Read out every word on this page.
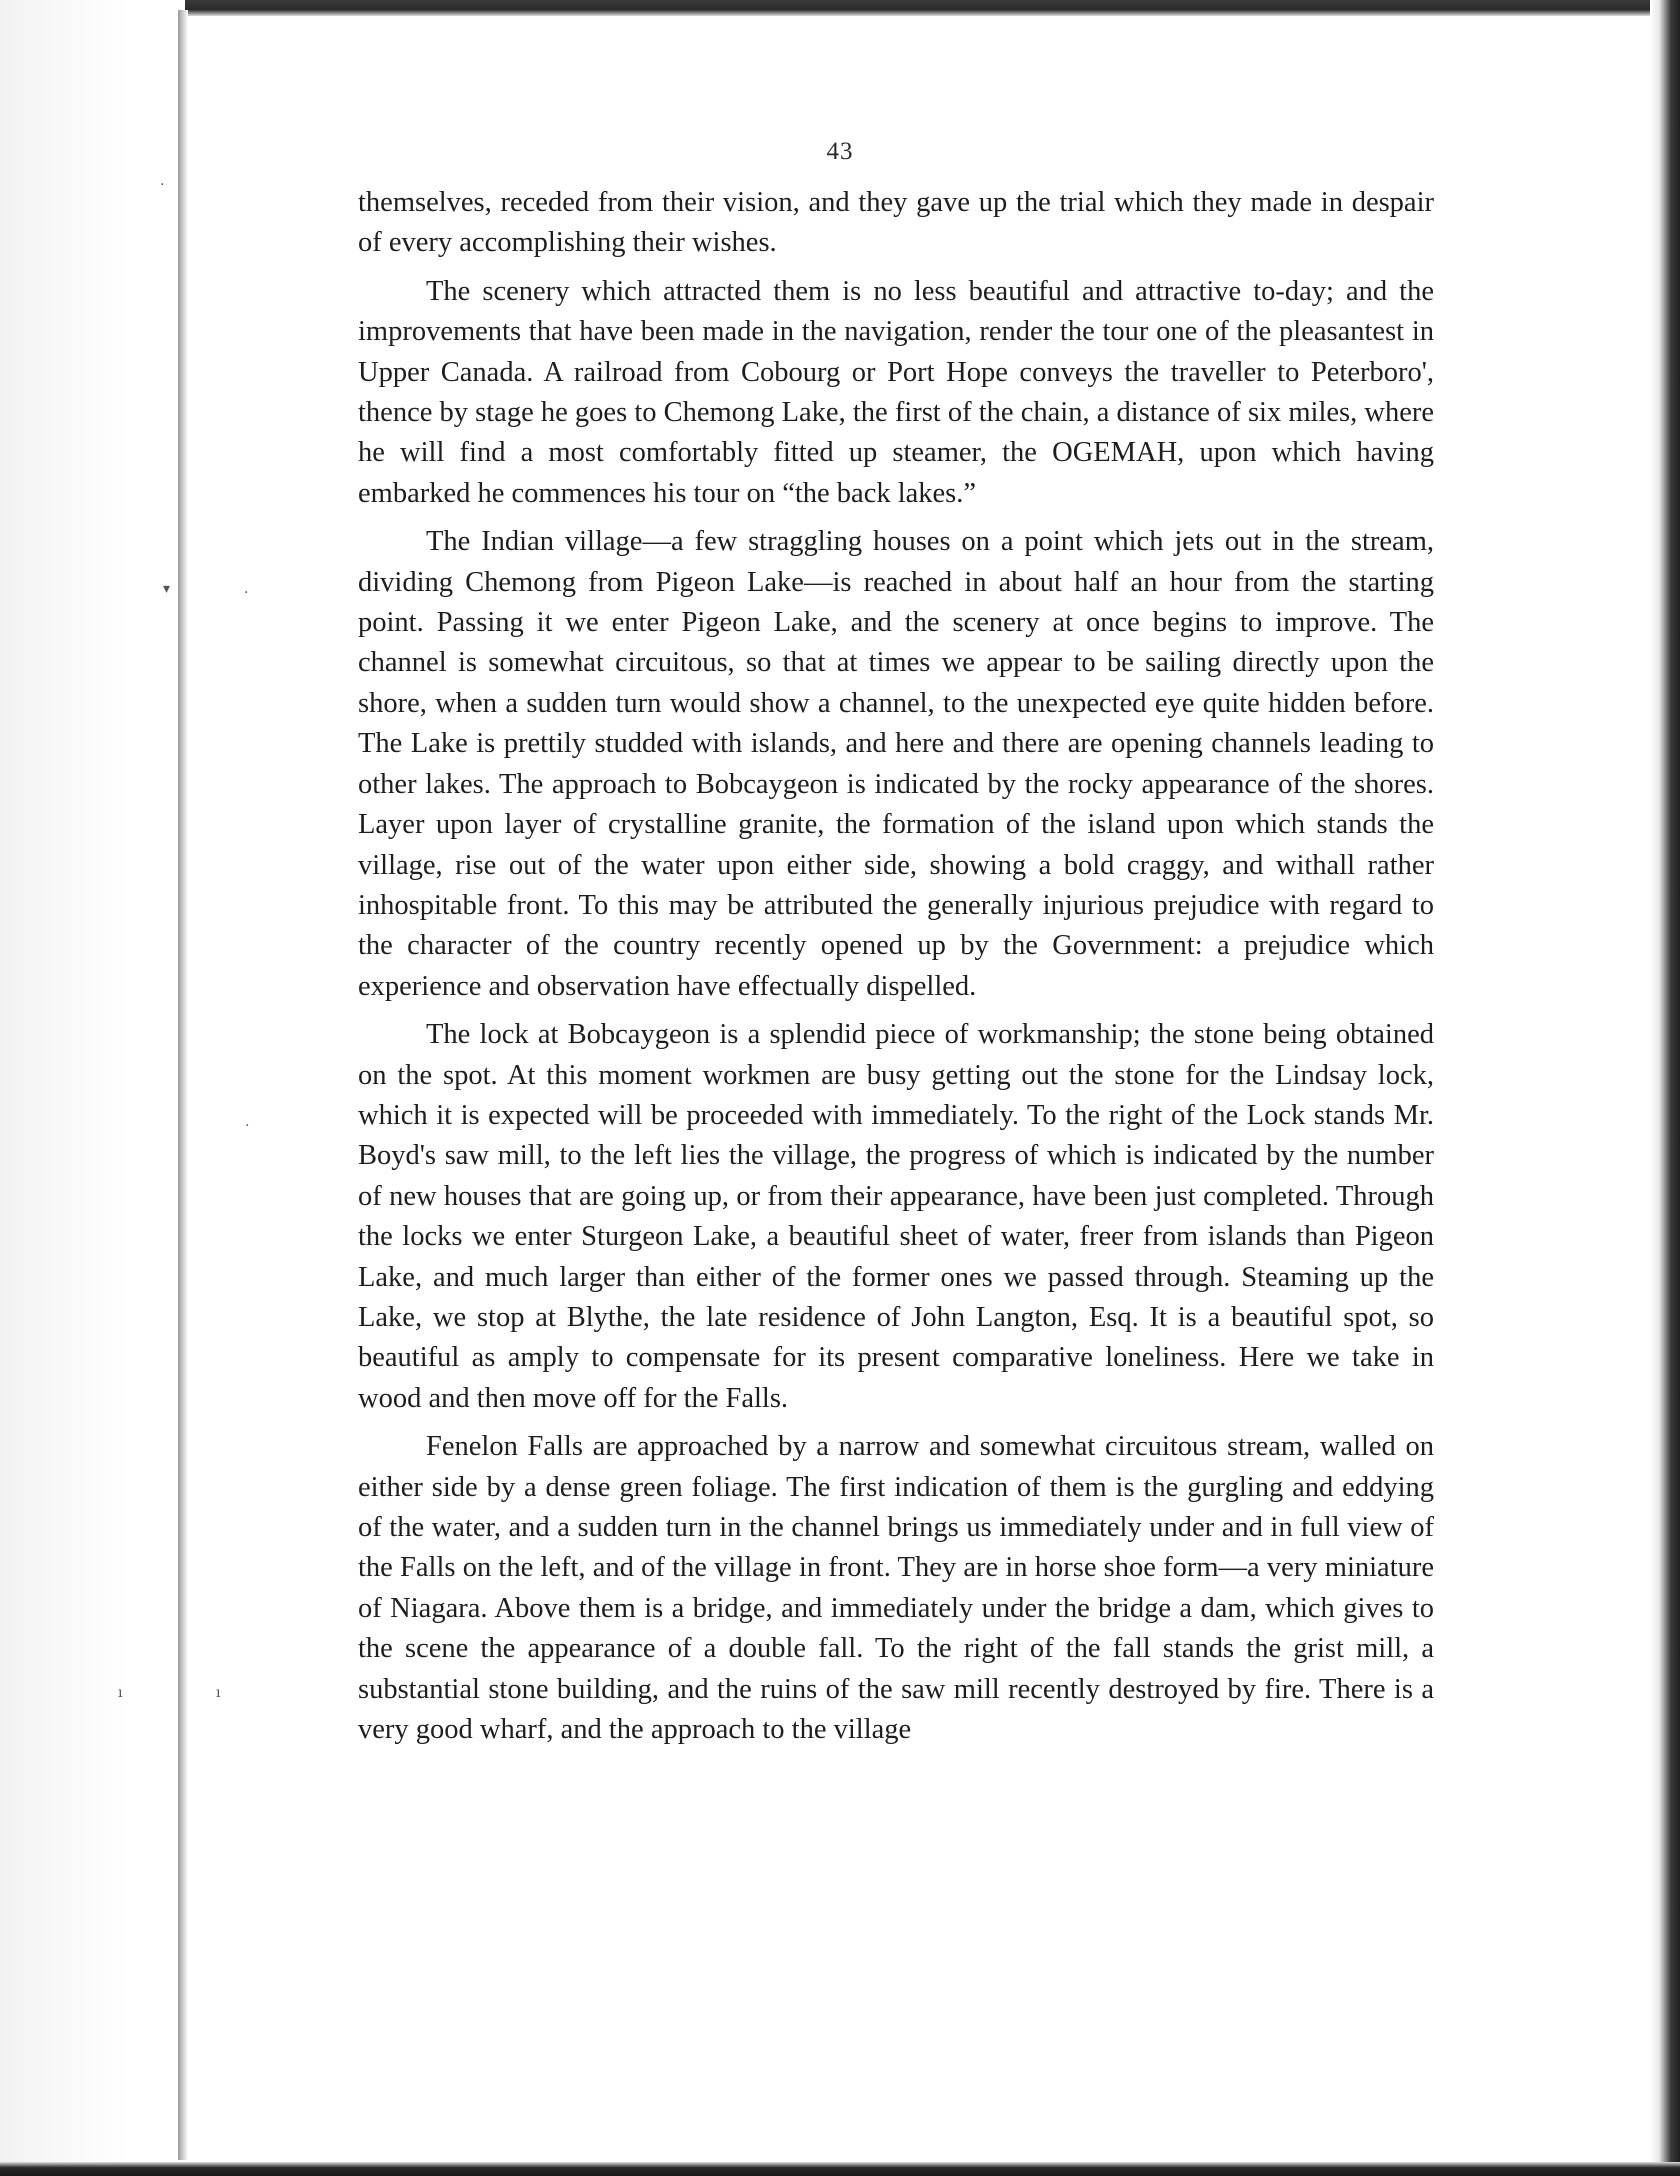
·
▾	·
·
ı	ı
43

themselves, receded from their vision, and they gave up the trial which they made in despair of every accomplishing their wishes.

The scenery which attracted them is no less beautiful and attractive to-day; and the improvements that have been made in the navigation, render the tour one of the pleasantest in Upper Canada. A railroad from Cobourg or Port Hope conveys the traveller to Peterboro', thence by stage he goes to Chemong Lake, the first of the chain, a distance of six miles, where he will find a most comfortably fitted up steamer, the OGEMAH, upon which having embarked he commences his tour on “the back lakes.”

The Indian village—a few straggling houses on a point which jets out in the stream, dividing Chemong from Pigeon Lake—is reached in about half an hour from the starting point. Passing it we enter Pigeon Lake, and the scenery at once begins to improve. The channel is somewhat circuitous, so that at times we appear to be sailing directly upon the shore, when a sudden turn would show a channel, to the unexpected eye quite hidden before. The Lake is prettily studded with islands, and here and there are opening channels leading to other lakes. The approach to Bobcaygeon is indicated by the rocky appearance of the shores. Layer upon layer of crystalline granite, the formation of the island upon which stands the village, rise out of the water upon either side, showing a bold craggy, and withall rather inhospitable front. To this may be attributed the generally injurious prejudice with regard to the character of the country recently opened up by the Government: a prejudice which experience and observation have effectually dispelled.

The lock at Bobcaygeon is a splendid piece of workmanship; the stone being obtained on the spot. At this moment workmen are busy getting out the stone for the Lindsay lock, which it is expected will be proceeded with immediately. To the right of the Lock stands Mr. Boyd's saw mill, to the left lies the village, the progress of which is indicated by the number of new houses that are going up, or from their appearance, have been just completed. Through the locks we enter Sturgeon Lake, a beautiful sheet of water, freer from islands than Pigeon Lake, and much larger than either of the former ones we passed through. Steaming up the Lake, we stop at Blythe, the late residence of John Langton, Esq. It is a beautiful spot, so beautiful as amply to compensate for its present comparative loneliness. Here we take in wood and then move off for the Falls.

Fenelon Falls are approached by a narrow and somewhat circuitous stream, walled on either side by a dense green foliage. The first indication of them is the gurgling and eddying of the water, and a sudden turn in the channel brings us immediately under and in full view of the Falls on the left, and of the village in front. They are in horse shoe form—a very miniature of Niagara. Above them is a bridge, and immediately under the bridge a dam, which gives to the scene the appearance of a double fall. To the right of the fall stands the grist mill, a substantial stone building, and the ruins of the saw mill recently destroyed by fire. There is a very good wharf, and the approach to the village
